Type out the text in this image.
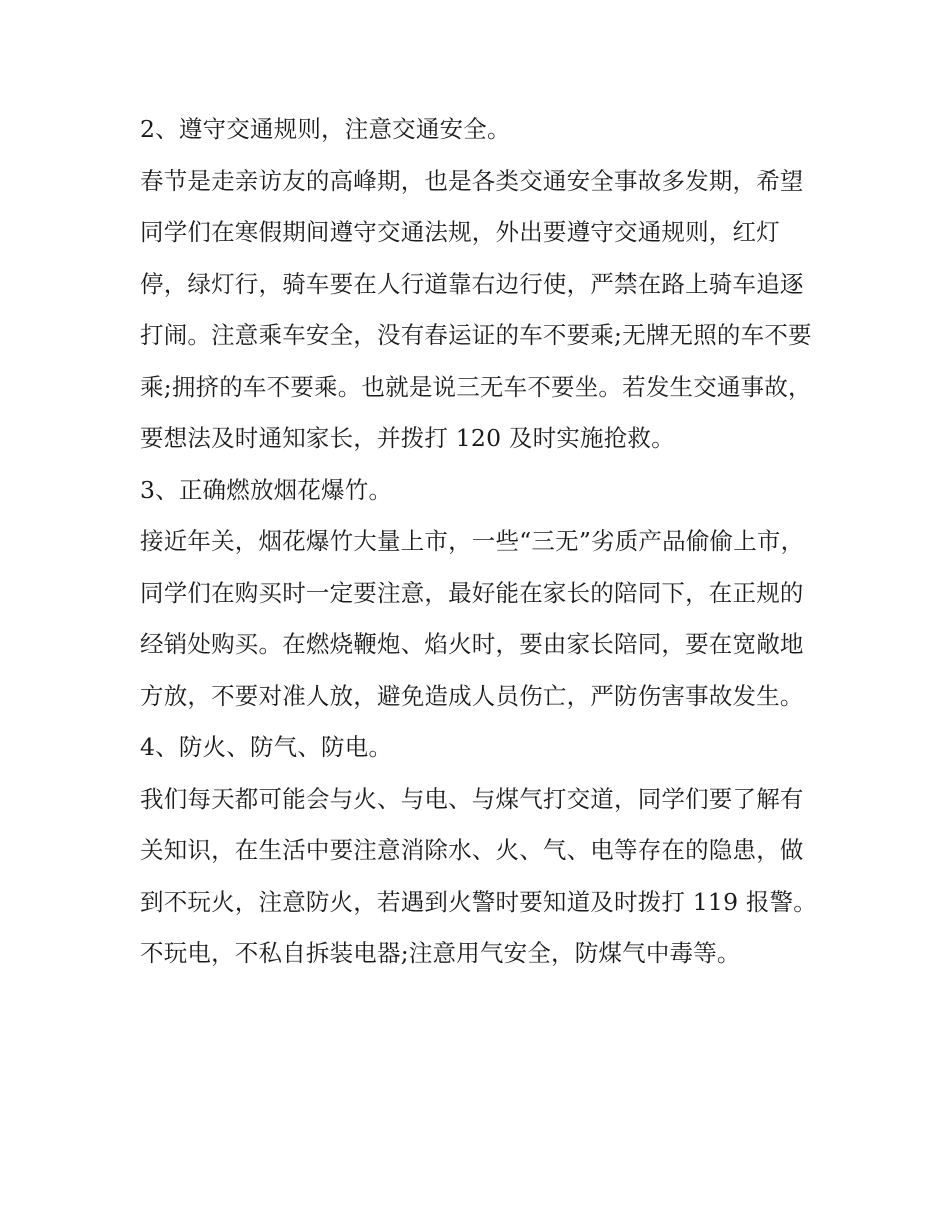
2、遵守交通规则，注意交通安全。

春节是走亲访友的高峰期，也是各类交通安全事故多发期，希望同学们在寒假期间遵守交通法规，外出要遵守交通规则，红灯停，绿灯行，骑车要在人行道靠右边行使，严禁在路上骑车追逐打闹。注意乘车安全，没有春运证的车不要乘;无牌无照的车不要乘;拥挤的车不要乘。也就是说三无车不要坐。若发生交通事故，要想法及时通知家长，并拨打 120 及时实施抢救。

3、正确燃放烟花爆竹。

接近年关，烟花爆竹大量上市，一些“三无”劣质产品偷偷上市，同学们在购买时一定要注意，最好能在家长的陪同下，在正规的经销处购买。在燃烧鞭炮、焰火时，要由家长陪同，要在宽敞地方放，不要对准人放，避免造成人员伤亡，严防伤害事故发生。

4、防火、防气、防电。

我们每天都可能会与火、与电、与煤气打交道，同学们要了解有关知识，在生活中要注意消除水、火、气、电等存在的隐患，做到不玩火，注意防火，若遇到火警时要知道及时拨打 119 报警。不玩电，不私自拆装电器;注意用气安全，防煤气中毒等。
